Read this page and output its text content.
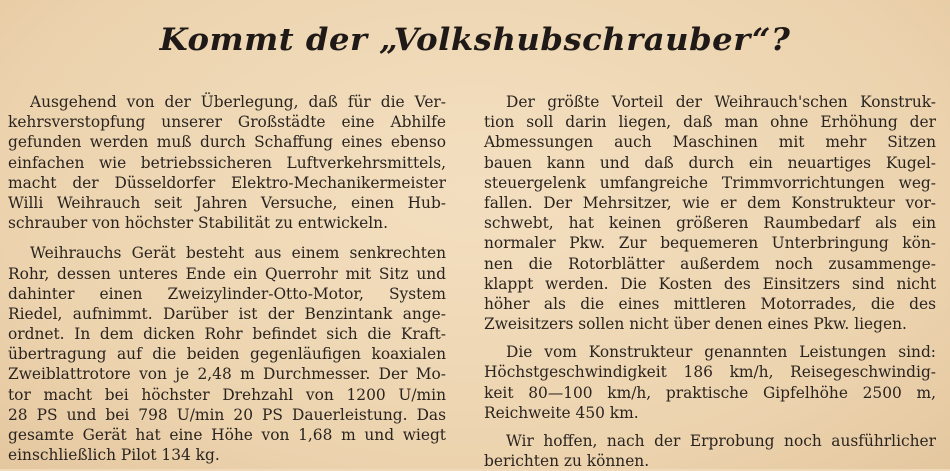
Kommt der „Volkshubschrauber“?
Ausgehend von der Überlegung, daß für die Ver-
kehrsverstopfung unserer Großstädte eine Abhilfe
gefunden werden muß durch Schaffung eines ebenso
einfachen wie betriebssicheren Luftverkehrsmittels,
macht der Düsseldorfer Elektro-Mechanikermeister
Willi Weihrauch seit Jahren Versuche, einen Hub-
schrauber von höchster Stabilität zu entwickeln.
Weihrauchs Gerät besteht aus einem senkrechten
Rohr, dessen unteres Ende ein Querrohr mit Sitz und
dahinter einen Zweizylinder-Otto-Motor, System
Riedel, aufnimmt. Darüber ist der Benzintank ange-
ordnet. In dem dicken Rohr befindet sich die Kraft-
übertragung auf die beiden gegenläufigen koaxialen
Zweiblattrotore von je 2,48 m Durchmesser. Der Mo-
tor macht bei höchster Drehzahl von 1200 U/min
28 PS und bei 798 U/min 20 PS Dauerleistung. Das
gesamte Gerät hat eine Höhe von 1,68 m und wiegt
einschließlich Pilot 134 kg.
Der größte Vorteil der Weihrauch'schen Konstruk-
tion soll darin liegen, daß man ohne Erhöhung der
Abmessungen auch Maschinen mit mehr Sitzen
bauen kann und daß durch ein neuartiges Kugel-
steuergelenk umfangreiche Trimmvorrichtungen weg-
fallen. Der Mehrsitzer, wie er dem Konstrukteur vor-
schwebt, hat keinen größeren Raumbedarf als ein
normaler Pkw. Zur bequemeren Unterbringung kön-
nen die Rotorblätter außerdem noch zusammenge-
klappt werden. Die Kosten des Einsitzers sind nicht
höher als die eines mittleren Motorrades, die des
Zweisitzers sollen nicht über denen eines Pkw. liegen.
Die vom Konstrukteur genannten Leistungen sind:
Höchstgeschwindigkeit 186 km/h, Reisegeschwindig-
keit 80—100 km/h, praktische Gipfelhöhe 2500 m,
Reichweite 450 km.
Wir hoffen, nach der Erprobung noch ausführlicher
berichten zu können.
